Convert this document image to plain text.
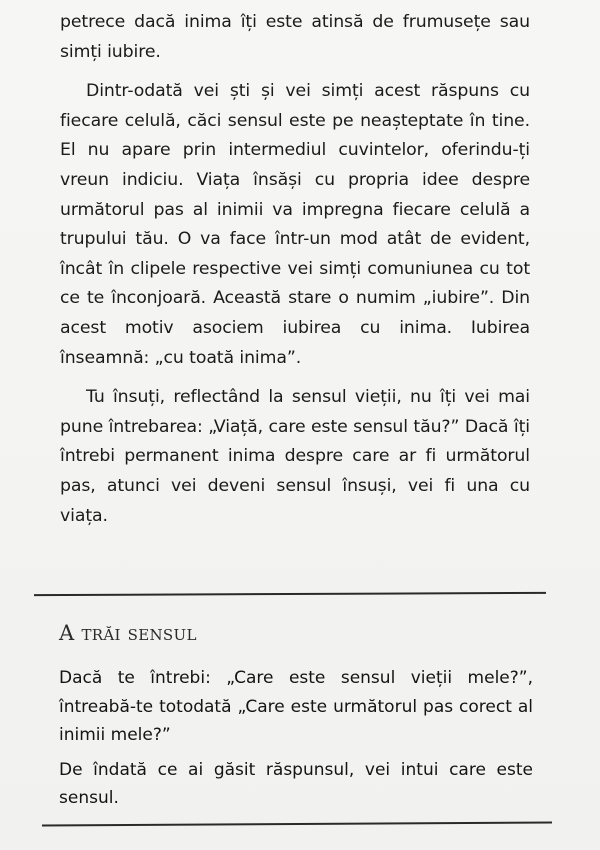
petrece dacă inima îți este atinsă de frumusețe sau simți iubire.

Dintr-odată vei ști și vei simți acest răspuns cu fiecare celulă, căci sensul este pe neașteptate în tine. El nu apare prin intermediul cuvintelor, oferindu-ți vreun indiciu. Viața însăși cu propria idee despre următorul pas al inimii va impregna fiecare celulă a trupului tău. O va face într-un mod atât de evident, încât în clipele respective vei simți comuniunea cu tot ce te înconjoară. Această stare o numim „iubire”. Din acest motiv asociem iubirea cu inima. Iubirea înseamnă: „cu toată inima”.

Tu însuți, reflectând la sensul vieții, nu îți vei mai pune întrebarea: „Viață, care este sensul tău?” Dacă îți întrebi permanent inima despre care ar fi următorul pas, atunci vei deveni sensul însuși, vei fi una cu viața.

A trăi sensul

Dacă te întrebi: „Care este sensul vieții mele?”, întreabă-te totodată „Care este următorul pas corect al inimii mele?”

De îndată ce ai găsit răspunsul, vei intui care este sensul.
